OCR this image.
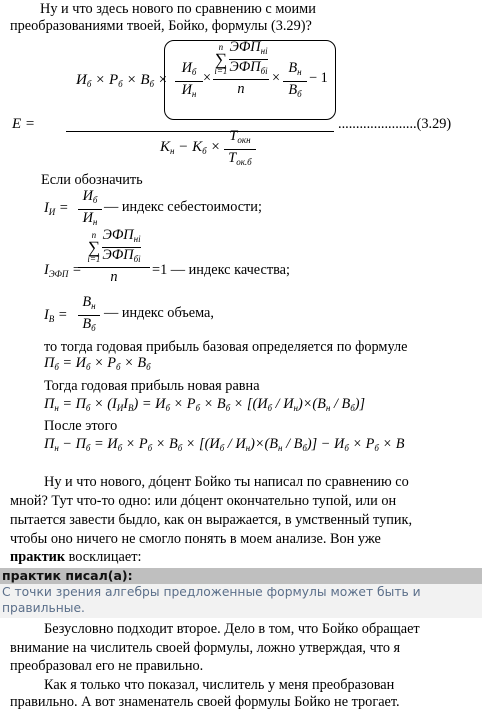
Ну и что здесь нового по сравнению с моими
преобразованиями твоей, Бойко, формулы (3.29)?
E =
$И_б \times P_б \times B_б$ ×
$И_б$
$И_н$
×
n
∑
i=1
$ЭФП_{нi}$
$ЭФП_{бi}$
n
×
$B_н$
$B_б$
− 1
$K_н - K_б$ ×
$T_{окн}$
$T_{ок.б}$
......................(3.29)
Если обозначить
$I_И$ =
$И_б$
$И_н$
— индекс себестоимости;
$I_{ЭФП}$ =
n
∑
i=1
$ЭФП_{нi}$
$ЭФП_{бi}$
n	=1 — индекс качества;
$I_B$ =
$B_н$
$B_б$
— индекс объема,
то тогда годовая прибыль базовая определяется по формуле
$П_б = И_б \times P_б \times B_б$
Тогда годовая прибыль новая равна
$П_н = П_б \times (I_ИI_B) = И_б \times P_б \times B_б \times [(И_б / И_н)\times(B_н / B_б)]$
После этого
$П_н - П_б = И_б \times P_б \times B_б \times [(И_б / И_н)\times(B_н / B_б)] - И_б \times P_б \times B$
Ну и что нового, дóцент Бойко ты написал по сравнению со
мной? Тут что-то одно: или дóцент окончательно тупой, или он
пытается завести быдло, как он выражается, в умственный тупик,
чтобы оно ничего не смогло понять в моем анализе. Вон уже
практик восклицает:
практик писал(а):
С точки зрения алгебры предложенные формулы может быть и
правильные.
Безусловно подходит второе. Дело в том, что Бойко обращает
внимание на числитель своей формулы, ложно утверждая, что я
преобразовал его не правильно.
Как я только что показал, числитель у меня преобразован
правильно. А вот знаменатель своей формулы Бойко не трогает.
